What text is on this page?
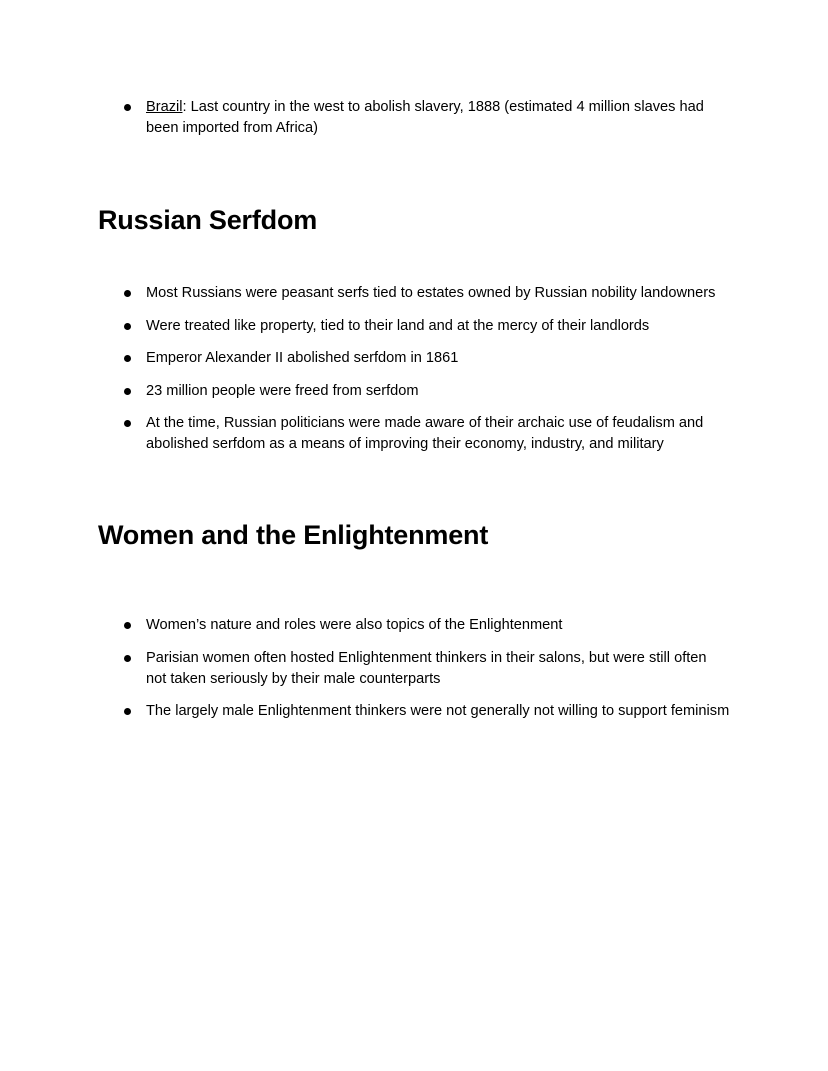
Brazil: Last country in the west to abolish slavery, 1888 (estimated 4 million slaves had been imported from Africa)
Russian Serfdom
Most Russians were peasant serfs tied to estates owned by Russian nobility landowners
Were treated like property, tied to their land and at the mercy of their landlords
Emperor Alexander II abolished serfdom in 1861
23 million people were freed from serfdom
At the time, Russian politicians were made aware of their archaic use of feudalism and abolished serfdom as a means of improving their economy, industry, and military
Women and the Enlightenment
Women’s nature and roles were also topics of the Enlightenment
Parisian women often hosted Enlightenment thinkers in their salons, but were still often not taken seriously by their male counterparts
The largely male Enlightenment thinkers were not generally not willing to support feminism
